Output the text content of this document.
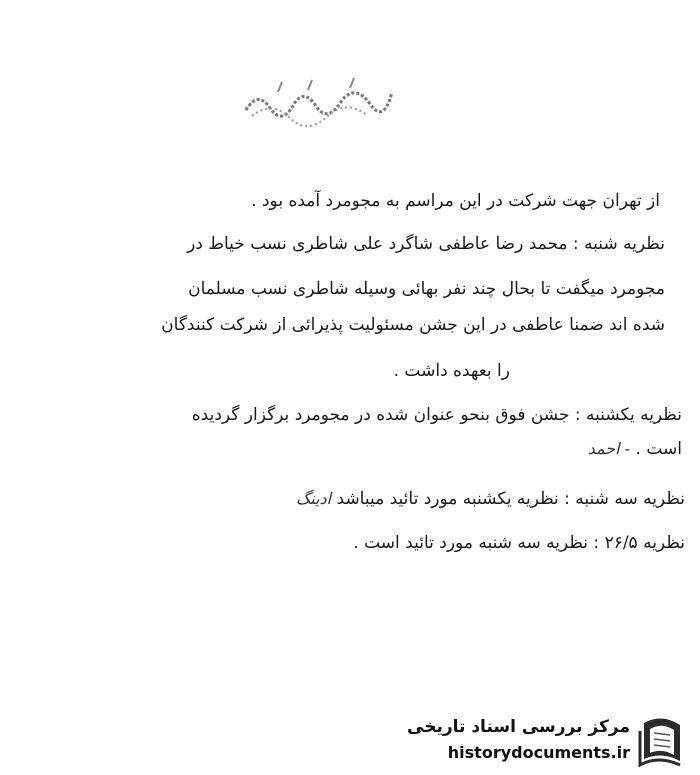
از تهران جهت شرکت در این مراسم به مجومرد آمده بود .
نظریه شنبه : محمد رضا عاطفی شاگرد علی شاطری نسب خیاط در
مجومرد میگفت تا بحال چند نفر بهائی وسیله شاطری نسب مسلمان
شده اند ضمنا عاطفی در این جشن مسئولیت پذیرائی از شرکت کنندگان
را بعهده داشت .
نظریه یکشنبه : جشن فوق بنحو عنوان شده در مجومرد برگزار گردیده
است . - احمد
نظریه سه شنبه : نظریه یکشنبه مورد تائید میباشد ادینگ
نظریه ۲۶/۵ : نظریه سه شنبه مورد تائید است .
مرکز بررسی اسناد تاریخی
historydocuments.ir
